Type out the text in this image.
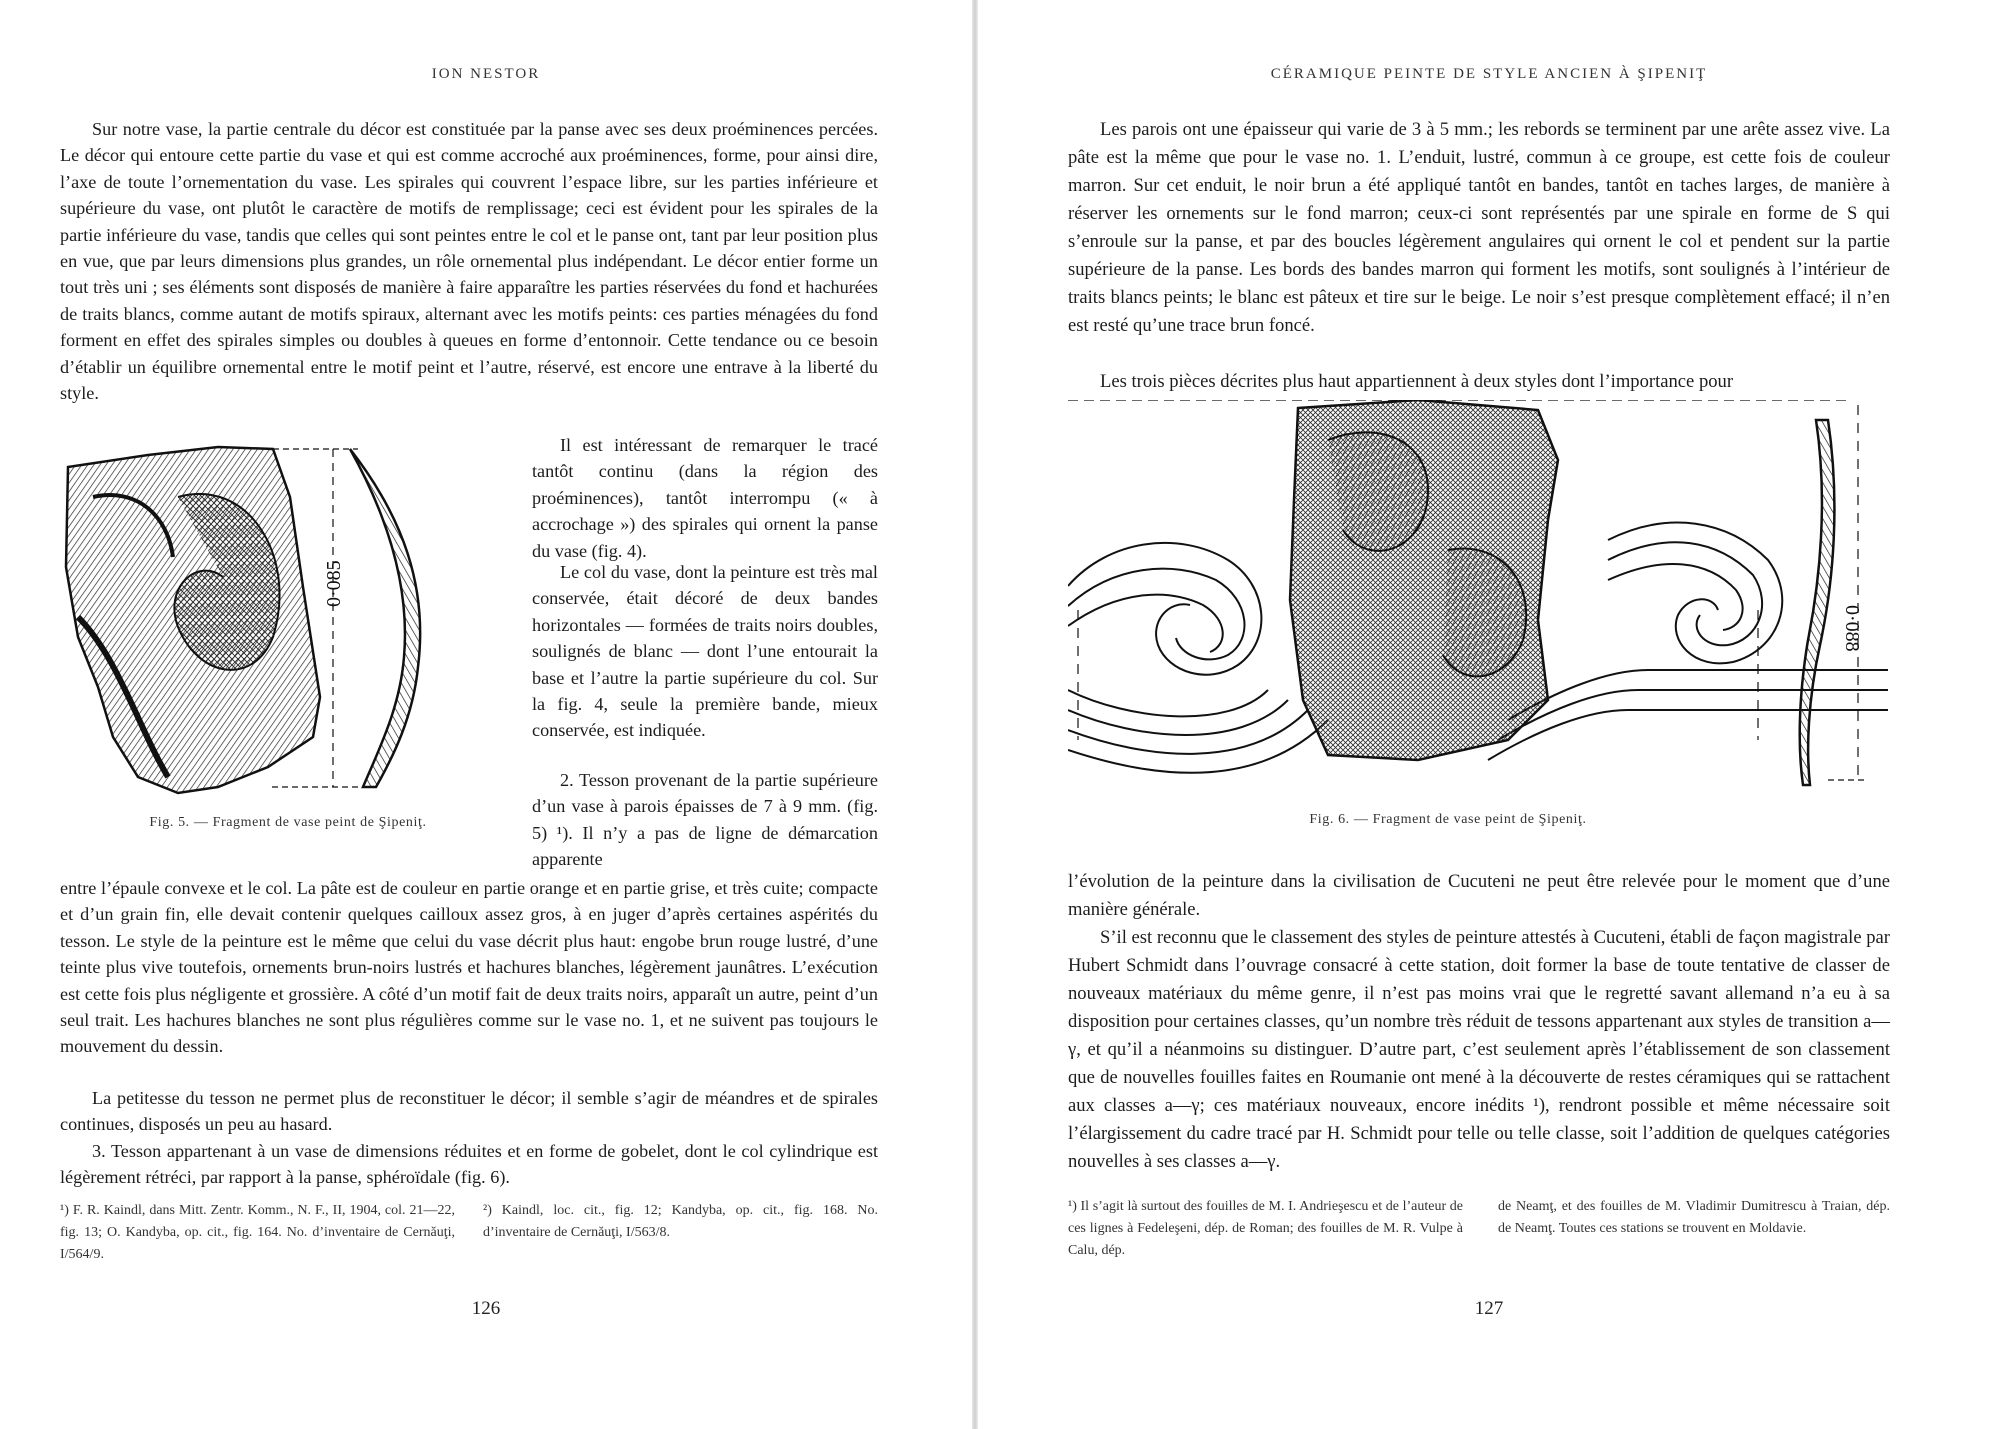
ION NESTOR

Sur notre vase, la partie centrale du décor est constituée par la panse avec ses deux proéminences percées. Le décor qui entoure cette partie du vase et qui est comme accroché aux proéminences, forme, pour ainsi dire, l’axe de toute l’ornementation du vase. Les spirales qui couvrent l’espace libre, sur les parties inférieure et supérieure du vase, ont plutôt le caractère de motifs de remplissage; ceci est évident pour les spirales de la partie inférieure du vase, tandis que celles qui sont peintes entre le col et le panse ont, tant par leur position plus en vue, que par leurs dimensions plus grandes, un rôle ornemental plus indépendant. Le décor entier forme un tout très uni ; ses éléments sont disposés de manière à faire apparaître les parties réservées du fond et hachurées de traits blancs, comme autant de motifs spiraux, alternant avec les motifs peints: ces parties ménagées du fond forment en effet des spirales simples ou doubles à queues en forme d’entonnoir. Cette tendance ou ce besoin d’établir un équilibre ornemental entre le motif peint et l’autre, réservé, est encore une entrave à la liberté du style.

0·085
Fig. 5. — Fragment de vase peint de Şipeniţ.

Il est intéressant de remarquer le tracé tantôt continu (dans la région des proéminences), tantôt interrompu (« à accrochage ») des spirales qui ornent la panse du vase (fig. 4).

Le col du vase, dont la peinture est très mal conservée, était décoré de deux bandes horizontales — formées de traits noirs doubles, soulignés de blanc — dont l’une entourait la base et l’autre la partie supérieure du col. Sur la fig. 4, seule la première bande, mieux conservée, est indiquée.

2. Tesson provenant de la partie supérieure d’un vase à parois épaisses de 7 à 9 mm. (fig. 5) ¹). Il n’y a pas de ligne de démarcation apparente

entre l’épaule convexe et le col. La pâte est de couleur en partie orange et en partie grise, et très cuite; compacte et d’un grain fin, elle devait contenir quelques cailloux assez gros, à en juger d’après certaines aspérités du tesson. Le style de la peinture est le même que celui du vase décrit plus haut: engobe brun rouge lustré, d’une teinte plus vive toutefois, ornements brun-noirs lustrés et hachures blanches, légèrement jaunâtres. L’exécution est cette fois plus négligente et grossière. A côté d’un motif fait de deux traits noirs, apparaît un autre, peint d’un seul trait. Les hachures blanches ne sont plus régulières comme sur le vase no. 1, et ne suivent pas toujours le mouvement du dessin.

La petitesse du tesson ne permet plus de reconstituer le décor; il semble s’agir de méandres et de spirales continues, disposés un peu au hasard.

3. Tesson appartenant à un vase de dimensions réduites et en forme de gobelet, dont le col cylindrique est légèrement rétréci, par rapport à la panse, sphéroïdale (fig. 6).

¹) F. R. Kaindl, dans Mitt. Zentr. Komm., N. F., II, 1904, col. 21—22, fig. 13; O. Kandyba, op. cit., fig. 164. No. d’inventaire de Cernăuţi, I/564/9.

²) Kaindl, loc. cit., fig. 12; Kandyba, op. cit., fig. 168. No. d’inventaire de Cernăuţi, I/563/8.

126
CÉRAMIQUE PEINTE DE STYLE ANCIEN À ŞIPENIŢ

Les parois ont une épaisseur qui varie de 3 à 5 mm.; les rebords se terminent par une arête assez vive. La pâte est la même que pour le vase no. 1. L’enduit, lustré, commun à ce groupe, est cette fois de couleur marron. Sur cet enduit, le noir brun a été appliqué tantôt en bandes, tantôt en taches larges, de manière à réserver les ornements sur le fond marron; ceux-ci sont représentés par une spirale en forme de S qui s’enroule sur la panse, et par des boucles légèrement angulaires qui ornent le col et pendent sur la partie supérieure de la panse. Les bords des bandes marron qui forment les motifs, sont soulignés à l’intérieur de traits blancs peints; le blanc est pâteux et tire sur le beige. Le noir s’est presque complètement effacé; il n’en est resté qu’une trace brun foncé.

Les trois pièces décrites plus haut appartiennent à deux styles dont l’importance pour

0·088
Fig. 6. — Fragment de vase peint de Şipeniţ.

l’évolution de la peinture dans la civilisation de Cucuteni ne peut être relevée pour le moment que d’une manière générale.

S’il est reconnu que le classement des styles de peinture attestés à Cucuteni, établi de façon magistrale par Hubert Schmidt dans l’ouvrage consacré à cette station, doit former la base de toute tentative de classer de nouveaux matériaux du même genre, il n’est pas moins vrai que le regretté savant allemand n’a eu à sa disposition pour certaines classes, qu’un nombre très réduit de tessons appartenant aux styles de transition a—γ, et qu’il a néanmoins su distinguer. D’autre part, c’est seulement après l’établissement de son classement que de nouvelles fouilles faites en Roumanie ont mené à la découverte de restes céramiques qui se rattachent aux classes a—γ; ces matériaux nouveaux, encore inédits ¹), rendront possible et même nécessaire soit l’élargissement du cadre tracé par H. Schmidt pour telle ou telle classe, soit l’addition de quelques catégories nouvelles à ses classes a—γ.

¹) Il s’agit là surtout des fouilles de M. I. Andrieşescu et de l’auteur de ces lignes à Fedeleşeni, dép. de Roman; des fouilles de M. R. Vulpe à Calu, dép.

de Neamţ, et des fouilles de M. Vladimir Dumitrescu à Traian, dép. de Neamţ. Toutes ces stations se trouvent en Moldavie.

127
